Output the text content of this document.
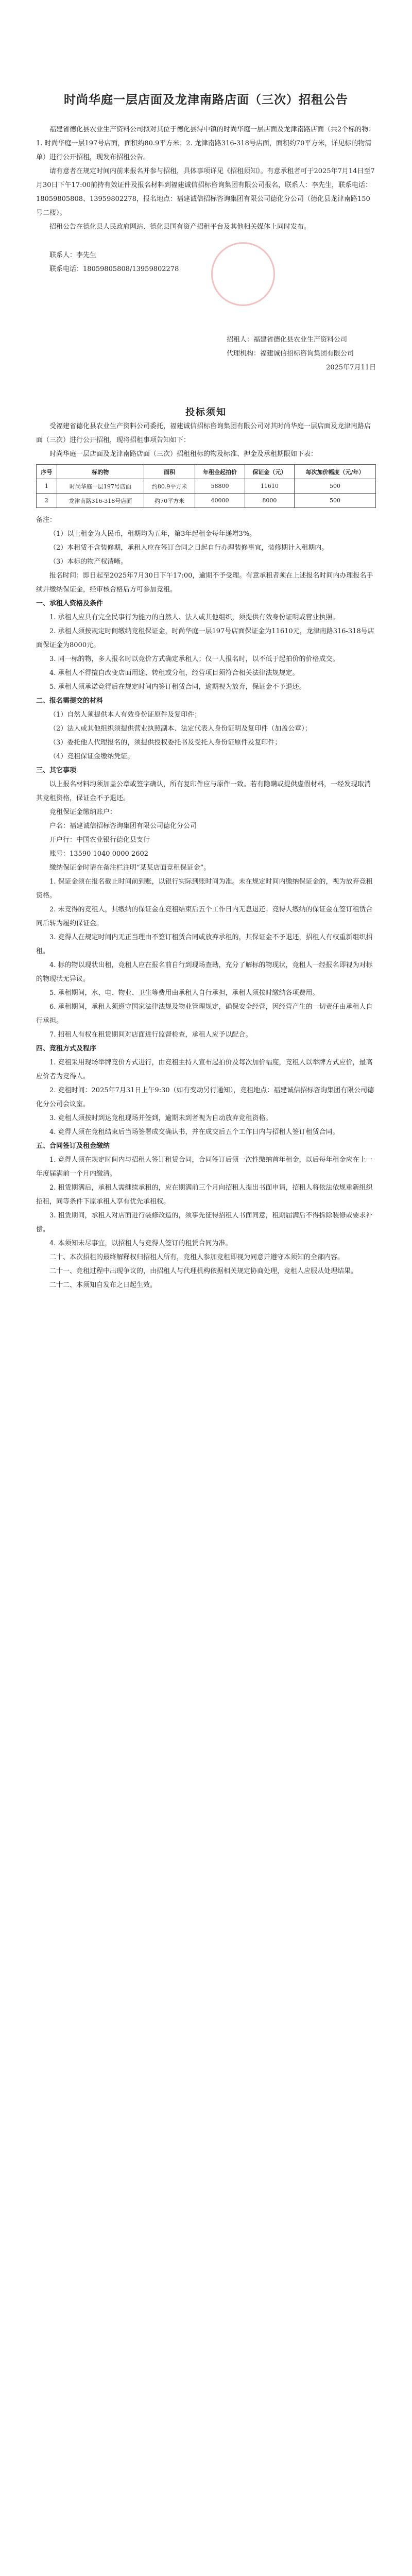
时尚华庭一层店面及龙津南路店面（三次）招租公告

福建省德化县农业生产资料公司拟对其位于德化县浔中镇的时尚华庭一层店面及龙津南路店面（共2个标的物：1. 时尚华庭一层197号店面，面积约80.9平方米；2. 龙津南路316-318号店面，面积约70平方米，详见标的物清单）进行公开招租，现发布招租公告。

请有意者在规定时间内前来报名并参与招租，具体事项详见《招租须知》。有意承租者可于2025年7月14日至7月30日下午17:00前持有效证件及报名材料到福建诚信招标咨询集团有限公司报名，联系人：李先生，联系电话：18059805808、13959802278，报名地点：福建诚信招标咨询集团有限公司德化分公司（德化县龙津南路150号二楼）。

招租公告在德化县人民政府网站、德化县国有资产招租平台及其他相关媒体上同时发布。

联系人：李先生

联系电话：18059805808/13959802278

招租人：福建省德化县农业生产资料公司

代理机构：福建诚信招标咨询集团有限公司

2025年7月11日

投标须知

受福建省德化县农业生产资料公司委托，福建诚信招标咨询集团有限公司对其时尚华庭一层店面及龙津南路店面（三次）进行公开招租，现将招租事项告知如下：

时尚华庭一层店面及龙津南路店面（三次）招租租标的物及标准、押金及承租期限如下表：

序号	标的物	面积	年租金起拍价	保证金（元）	每次加价幅度（元/年）
1	时尚华庭一层197号店面	约80.9平方米	58800	11610	500
2	龙津南路316-318号店面	约70平方米	40000	8000	500

备注：

（1）以上租金为人民币，租期均为五年，第3年起租金每年递增3%。

（2）本租赁不含装修期，承租人应在签订合同之日起自行办理装修事宜，装修期计入租期内。

（3）本标的物产权清晰。

报名时间：即日起至2025年7月30日下午17:00，逾期不予受理。有意承租者须在上述报名时间内办理报名手续并缴纳保证金，经审核合格后方可参加竞租。

一、承租人资格及条件

1. 承租人应具有完全民事行为能力的自然人、法人或其他组织，须提供有效身份证明或营业执照。

2. 承租人须按规定时间缴纳竞租保证金，时尚华庭一层197号店面保证金为11610元，龙津南路316-318号店面保证金为8000元。

3. 同一标的物，多人报名时以竞价方式确定承租人；仅一人报名时，以不低于起拍价的价格成交。

4. 承租人不得擅自改变店面用途、转租或分租，经营项目须符合相关法律法规规定。

5. 承租人须承诺竞得后在规定时间内签订租赁合同，逾期视为放弃，保证金不予退还。

二、报名需提交的材料

（1）自然人须提供本人有效身份证原件及复印件；

（2）法人或其他组织须提供营业执照副本、法定代表人身份证明及复印件（加盖公章）；

（3）委托他人代理报名的，须提供授权委托书及受托人身份证原件及复印件；

（4）竞租保证金缴纳凭证。

三、其它事项

以上报名材料均须加盖公章或签字确认，所有复印件应与原件一致。若有隐瞒或提供虚假材料，一经发现取消其竞租资格，保证金不予退还。

竞租保证金缴纳账户：

户名：福建诚信招标咨询集团有限公司德化分公司

开户行：中国农业银行德化县支行

账号：13590 1040 0000 2602

缴纳保证金时请在备注栏注明“某某店面竞租保证金”。

1. 保证金须在报名截止时间前到账，以银行实际到账时间为准。未在规定时间内缴纳保证金的，视为放弃竞租资格。

2. 未竞得的竞租人，其缴纳的保证金在竞租结束后五个工作日内无息退还；竞得人缴纳的保证金在签订租赁合同后转为履约保证金。

3. 竞得人在规定时间内无正当理由不签订租赁合同或放弃承租的，其保证金不予退还，招租人有权重新组织招租。

4. 标的物以现状出租，竞租人应在报名前自行到现场查勘，充分了解标的物现状，竞租人一经报名即视为对标的物现状无异议。

5. 承租期间，水、电、物业、卫生等费用由承租人自行承担，承租人须按时缴纳各项费用。

6. 承租期间，承租人须遵守国家法律法规及物业管理规定，确保安全经营，因经营产生的一切责任由承租人自行承担。

7. 招租人有权在租赁期间对店面进行监督检查，承租人应予以配合。

四、竞租方式及程序

1. 竞租采用现场举牌竞价方式进行，由竞租主持人宣布起拍价及每次加价幅度，竞租人以举牌方式应价，最高应价者为竞得人。

2. 竞租时间：2025年7月31日上午9:30（如有变动另行通知），竞租地点：福建诚信招标咨询集团有限公司德化分公司会议室。

3. 竞租人须按时到达竞租现场并签到，逾期未到者视为自动放弃竞租资格。

4. 竞得人须在竞租结束后当场签署成交确认书，并在成交后五个工作日内与招租人签订租赁合同。

五、合同签订及租金缴纳

1. 竞得人须在规定时间内与招租人签订租赁合同，合同签订后须一次性缴纳首年租金，以后每年租金应在上一年度届满前一个月内缴清。

2. 租赁期满后，承租人需继续承租的，应在期满前三个月向招租人提出书面申请，招租人将依法依规重新组织招租，同等条件下原承租人享有优先承租权。

3. 租赁期间，承租人对店面进行装修改造的，须事先征得招租人书面同意，租期届满后不得拆除装修或要求补偿。

4. 本须知未尽事宜，以招租人与竞得人签订的租赁合同为准。

二十、本次招租的最终解释权归招租人所有，竞租人参加竞租即视为同意并遵守本须知的全部内容。

二十一、竞租过程中出现争议的，由招租人与代理机构依据相关规定协商处理，竞租人应服从处理结果。

二十二、本须知自发布之日起生效。
